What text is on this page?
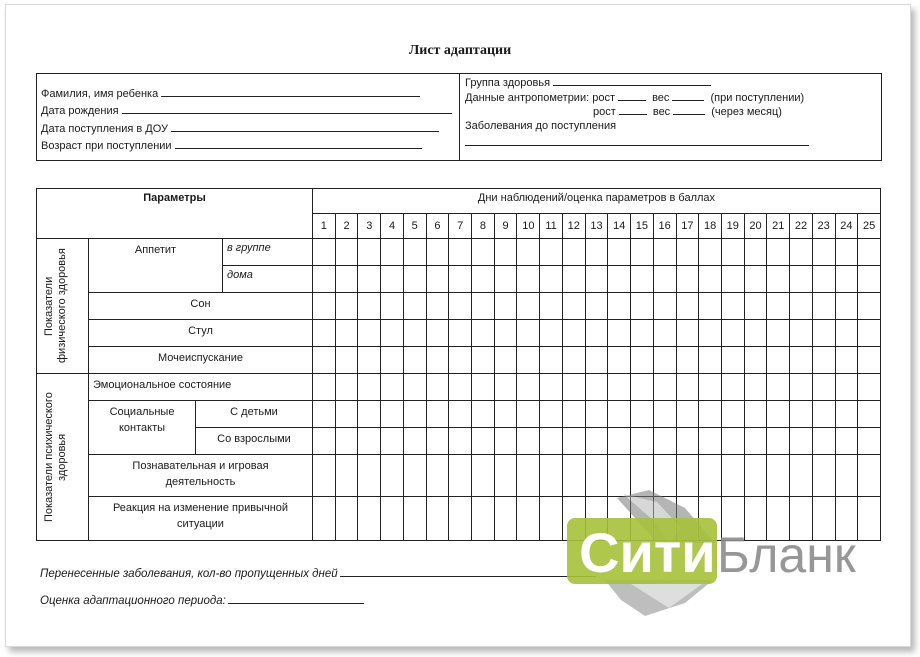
Лист адаптации
Фамилия, имя ребенка
Дата рождения
Дата поступления в ДОУ
Возраст при поступлении
Группа здоровья
Данные антропометрии: рост	вес	(при поступлении)
рост	вес	(через месяц)
Заболевания до поступления
Параметры				Дни наблюдений/оценка параметров в баллах																								
				1	2	3	4	5	6	7	8	9	10	11	12	13	14	15	16	17	18	19	20	21	22	23	24	25

Показатели физического здоровья	Аппетит		в группе																									
			дома																									
	Сон																											
	Стул																											
	Мочеиспускание																											

Показатели психического здоровья	Эмоциональное состояние																											
	Социальные контакты	С детьми																										
		Со взрослыми																										
	Познавательная и игровая деятельность																											
	Реакция на изменение привычной ситуации																											
Перенесенные заболевания, кол-во пропущенных дней
Оценка адаптационного периода:
Сити Бланк
